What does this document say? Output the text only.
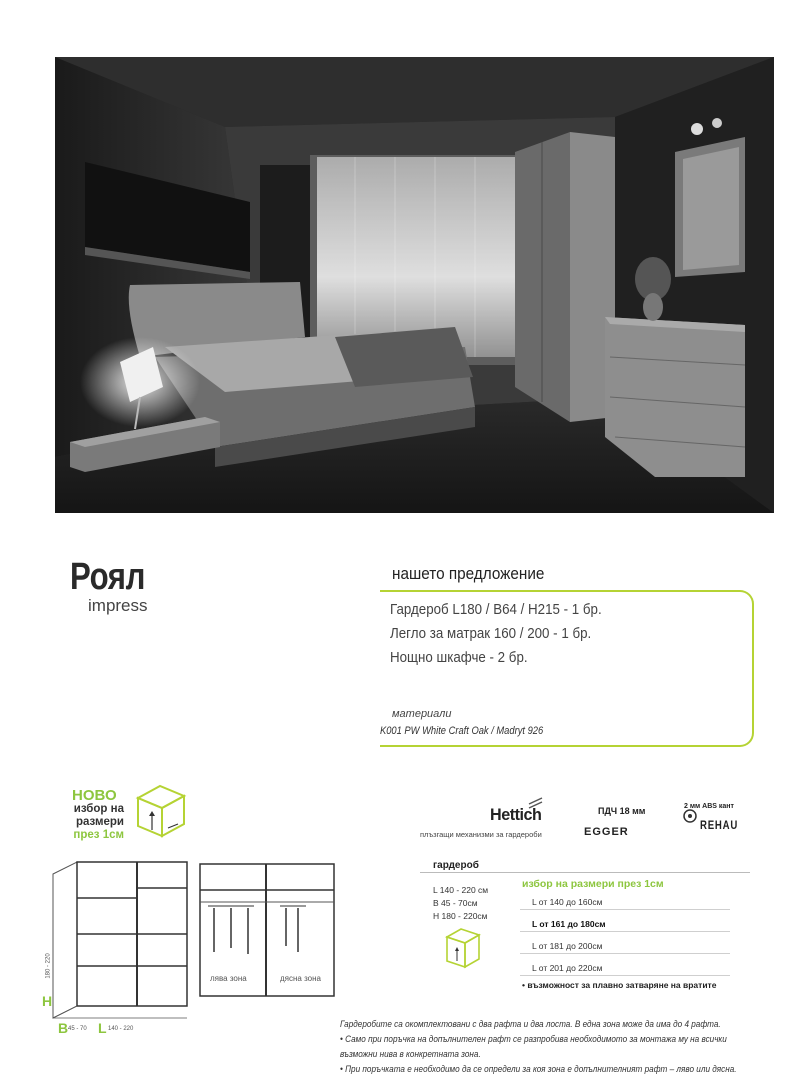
Роял
impress
нашето предложение
Гардероб L180 / B64 / H215 - 1 бр.
Легло за матрак 160 / 200 - 1 бр.
Нощно шкафче - 2 бр.
материали
K001 PW White Craft Oak / Madryt 926
НОВО
избор на
размери
през 1см
H
180 - 220
B 45 - 70 L 140 - 220
лява зона	дясна зона
Hettich
плъзгащи механизми за гардероби
ПДЧ 18 мм
EGGER
2 мм ABS кант
REHAU
гардероб
L 140 - 220 см
B 45 - 70см
H 180 - 220см
избор на размери през 1см
L от 140 до 160см
L от 161 до 180см
L от 181 до 200см
L от 201 до 220см
• възможност за плавно затваряне на вратите
Гардеробите са окомплектовани с два рафта и два лоста. В една зона може да има до 4 рафта.
• Само при поръчка на допълнителен рафт се разпробива необходимото за монтажа му на всички
възможни нива в конкретната зона.
• При поръчката е необходимо да се определи за коя зона е допълнителният рафт – ляво или дясна.
